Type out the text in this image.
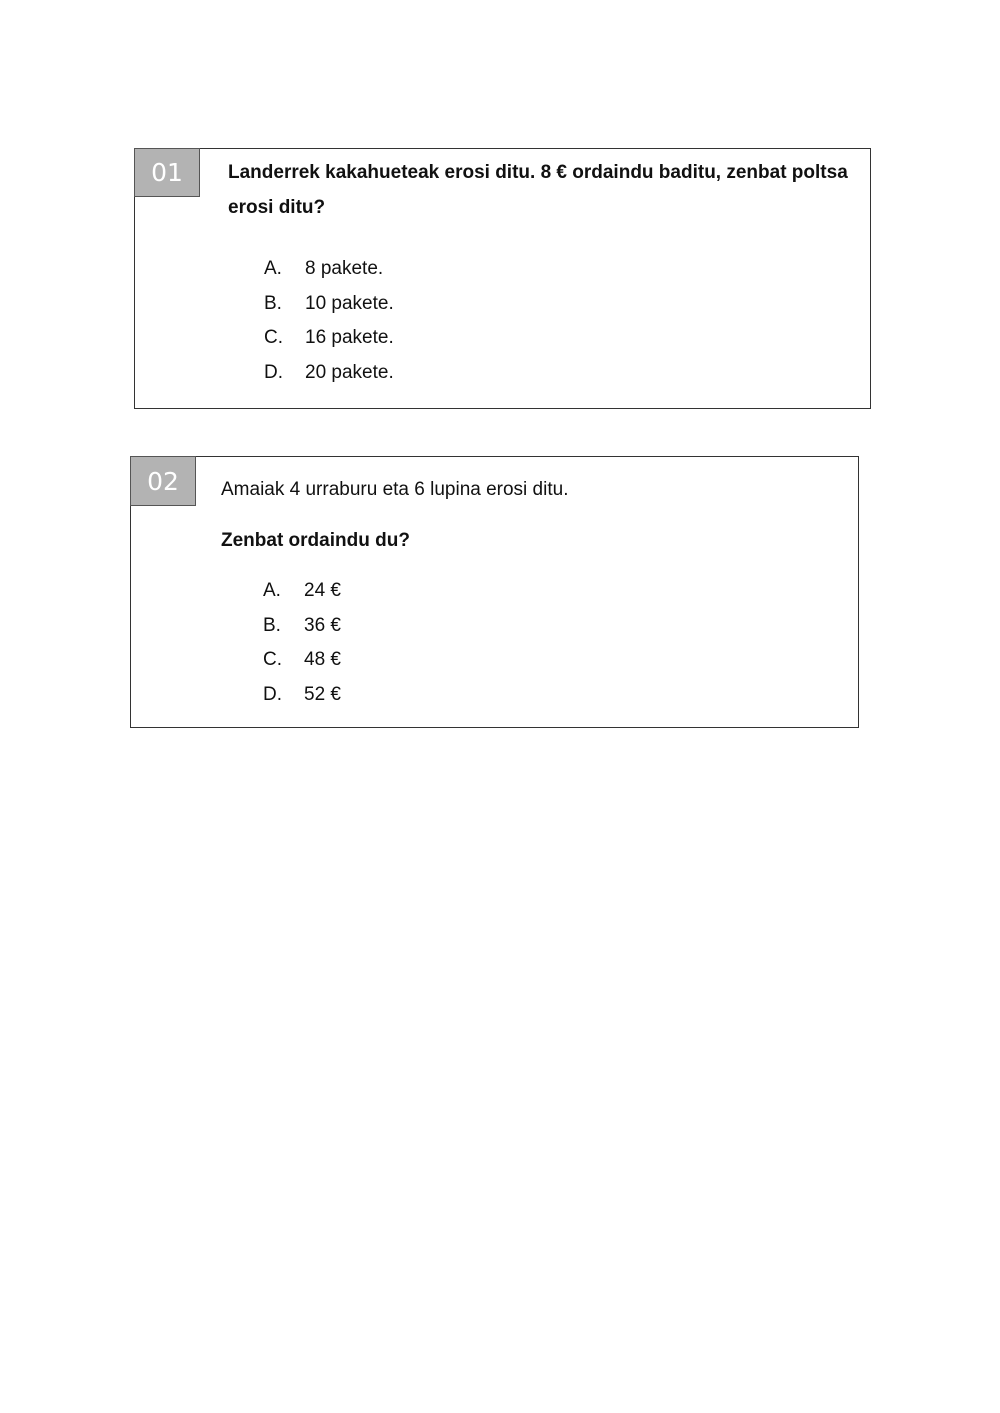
01	Landerrek kakahueteak erosi ditu. 8 € ordaindu baditu, zenbat poltsa erosi ditu?

A.	8 pakete.
B.	10 pakete.
C.	16 pakete.
D.	20 pakete.
02	Amaiak 4 urraburu eta 6 lupina erosi ditu.

Zenbat ordaindu du?

A.	24 €
B.	36 €
C.	48 €
D.	52 €
